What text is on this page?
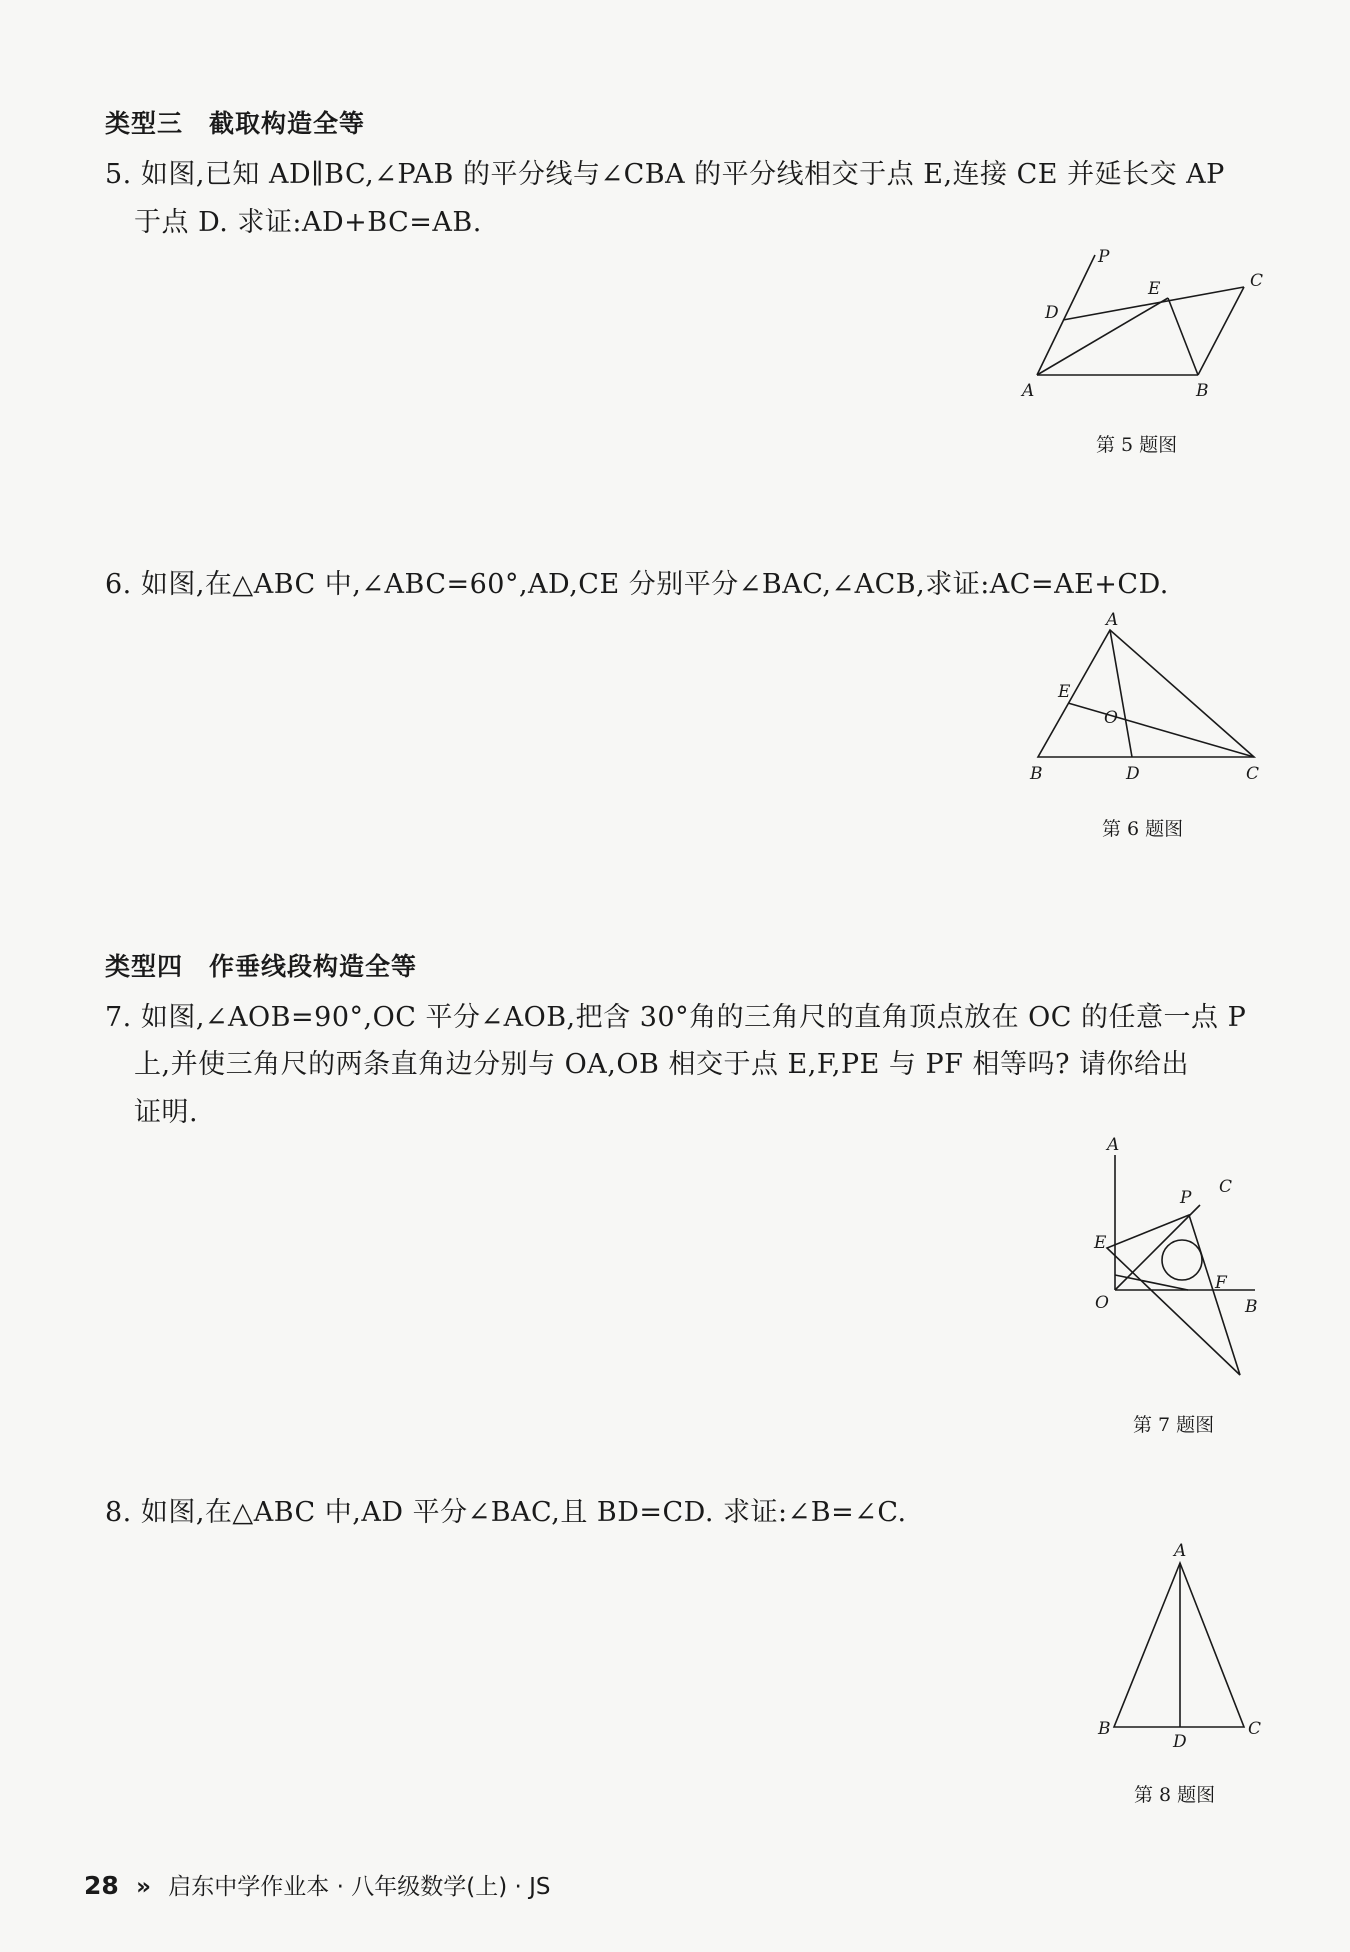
类型三　截取构造全等
5. 如图,已知 AD∥BC,∠PAB 的平分线与∠CBA 的平分线相交于点 E,连接 CE 并延长交 AP
于点 D. 求证:AD+BC=AB.
P
D
E	C
A	B
第 5 题图
6. 如图,在△ABC 中,∠ABC=60°,AD,CE 分别平分∠BAC,∠ACB,求证:AC=AE+CD.
A
E
O
B	D	C
第 6 题图
类型四　作垂线段构造全等
7. 如图,∠AOB=90°,OC 平分∠AOB,把含 30°角的三角尺的直角顶点放在 OC 的任意一点 P
上,并使三角尺的两条直角边分别与 OA,OB 相交于点 E,F,PE 与 PF 相等吗? 请你给出
证明.
A
P
C
E
F
O	B
第 7 题图
8. 如图,在△ABC 中,AD 平分∠BAC,且 BD=CD. 求证:∠B=∠C.
A
B
D
C
第 8 题图
28 » 启东中学作业本 · 八年级数学(上) · JS
